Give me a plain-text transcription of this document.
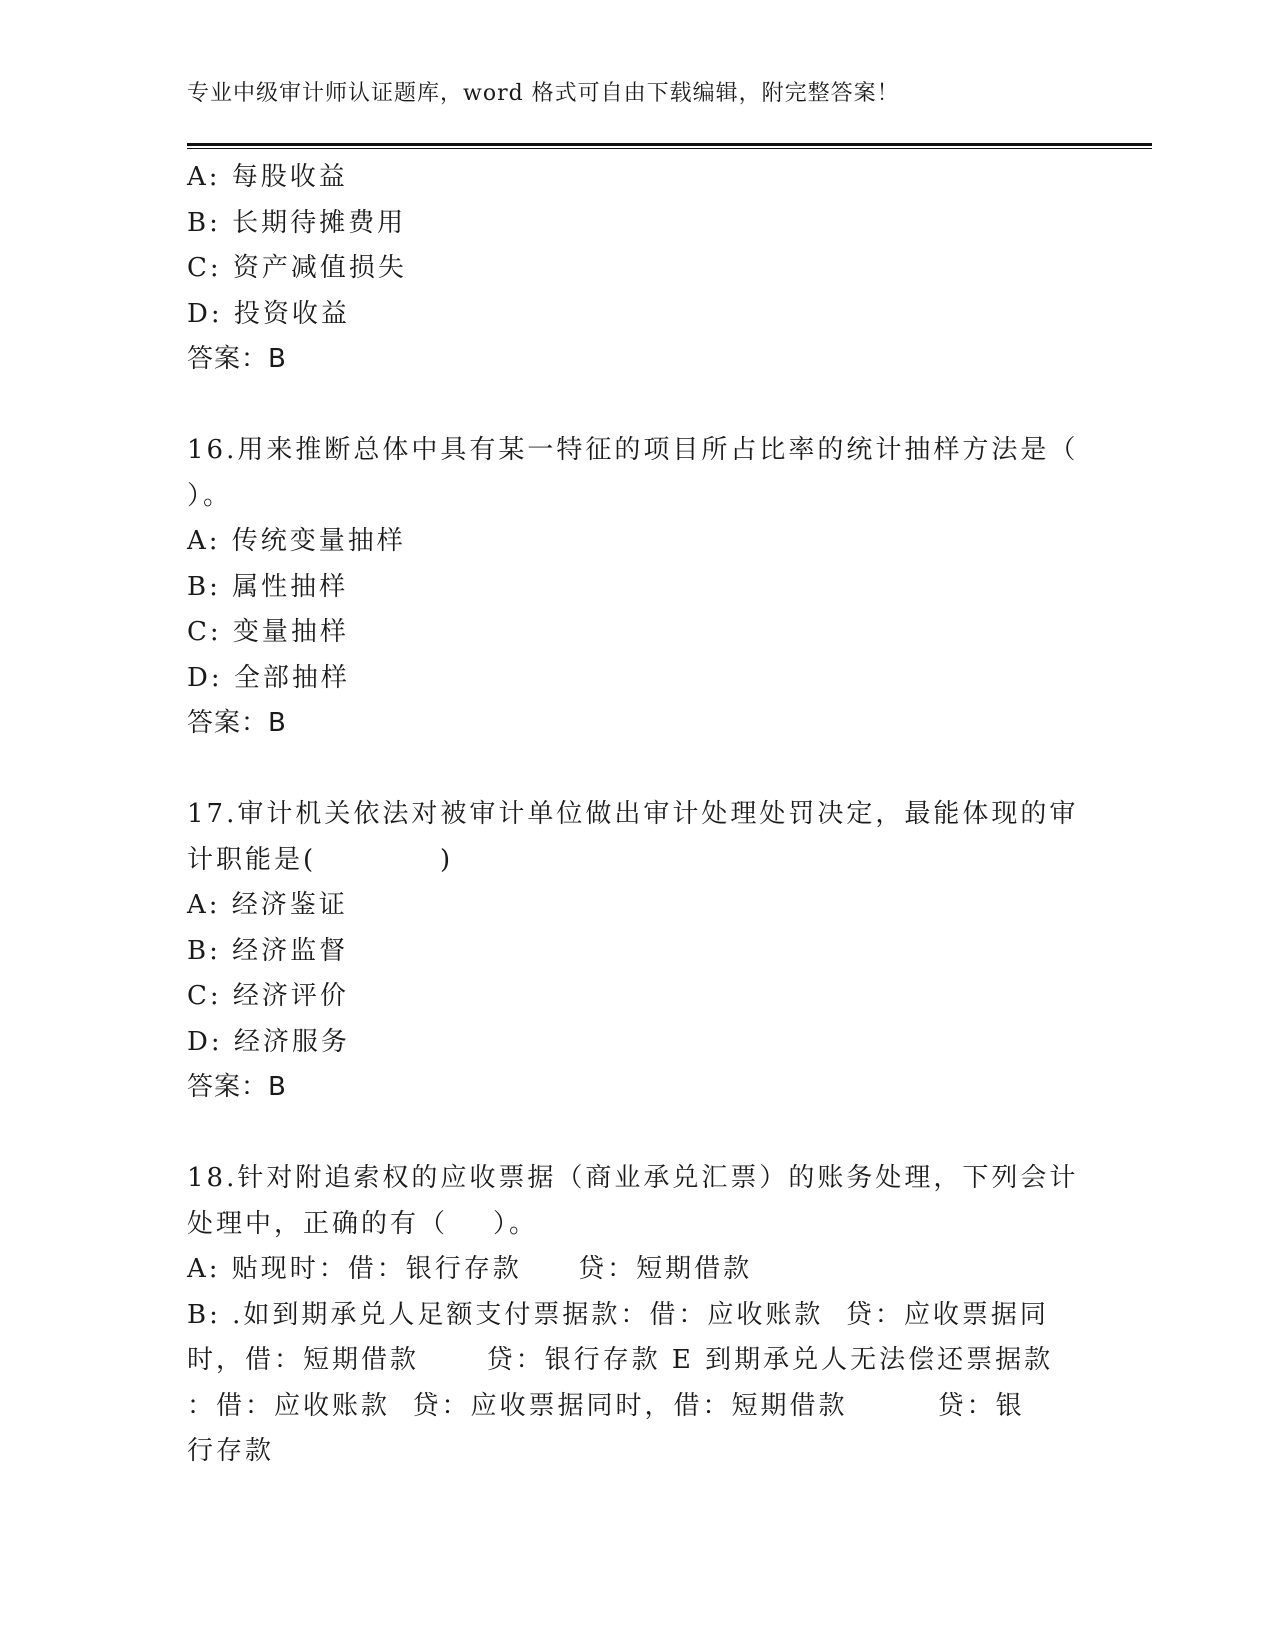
专业中级审计师认证题库，word 格式可自由下载编辑，附完整答案！
A: 每股收益
B: 长期待摊费用
C: 资产减值损失
D: 投资收益
答案：B
16.用来推断总体中具有某一特征的项目所占比率的统计抽样方法是（
）。
A: 传统变量抽样
B: 属性抽样
C: 变量抽样
D: 全部抽样
答案：B
17.审计机关依法对被审计单位做出审计处理处罚决定，最能体现的审
计职能是(           )
A: 经济鉴证
B: 经济监督
C: 经济评价
D: 经济服务
答案：B
18.针对附追索权的应收票据（商业承兑汇票）的账务处理，下列会计
处理中，正确的有（    ）。
A: 贴现时：借：银行存款     贷：短期借款
B: .如到期承兑人足额支付票据款：借：应收账款  贷：应收票据同
时，借：短期借款      贷：银行存款 E 到期承兑人无法偿还票据款
：借：应收账款  贷：应收票据同时，借：短期借款        贷：银
行存款
